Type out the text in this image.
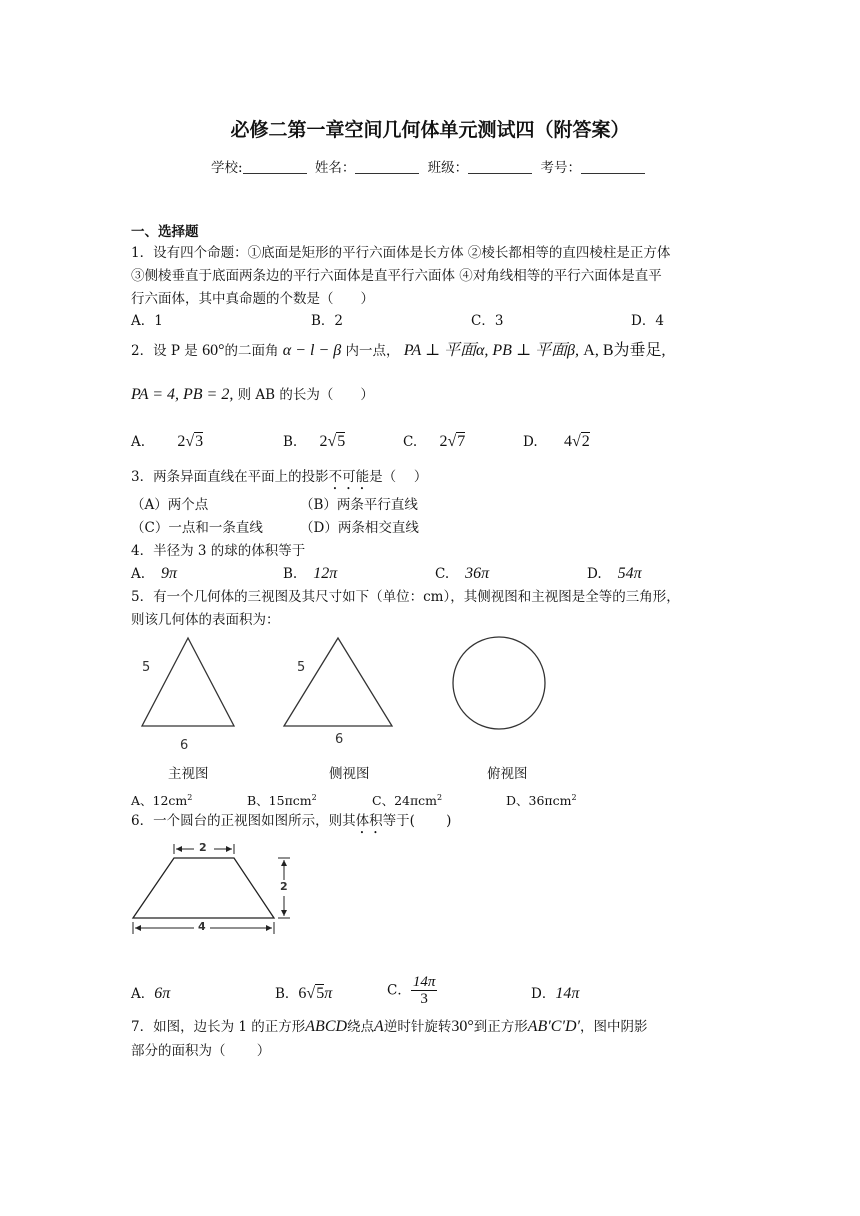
必修二第一章空间几何体单元测试四（附答案）
学校:	姓名：	班级：	考号：
一、选择题
1．设有四个命题：①底面是矩形的平行六面体是长方体 ②棱长都相等的直四棱柱是正方体
③侧棱垂直于底面两条边的平行六面体是直平行六面体 ④对角线相等的平行六面体是直平
行六面体，其中真命题的个数是（　　）
A．1	B．2	C．3	D．4
2．设 P 是 60°的二面角 α − l − β 内一点， PA ⊥ 平面α, PB ⊥ 平面β, A, B为垂足,
PA = 4, PB = 2, 则 AB 的长为（　　）
A. 2√3	B. 2√5	C. 2√7	D. 4√2
3．两条异面直线在平面上的投影不可能是（　 ）
（A）两个点	（B）两条平行直线
（C）一点和一条直线	（D）两条相交直线
4．半径为 3 的球的体积等于
A. 9π	B. 12π	C. 36π	D. 54π
5．有一个几何体的三视图及其尺寸如下（单位：cm），其侧视图和主视图是全等的三角形，
则该几何体的表面积为：
5
6
5
6
主视图	侧视图	俯视图
A、$12cm^2$	B、15πcm$^2$	C、24πcm$^2$	D、36πcm$^2$
6．一个圆台的正视图如图所示，则其体积等于(　　 )
2
2
4
A．6π	B．6√5π	C． $\frac{14\pi}{3}$	D．14π
7．如图，边长为 1 的正方形ABCD绕点A逆时针旋转30°到正方形AB′C′D′，图中阴影
部分的面积为（　　 ）
